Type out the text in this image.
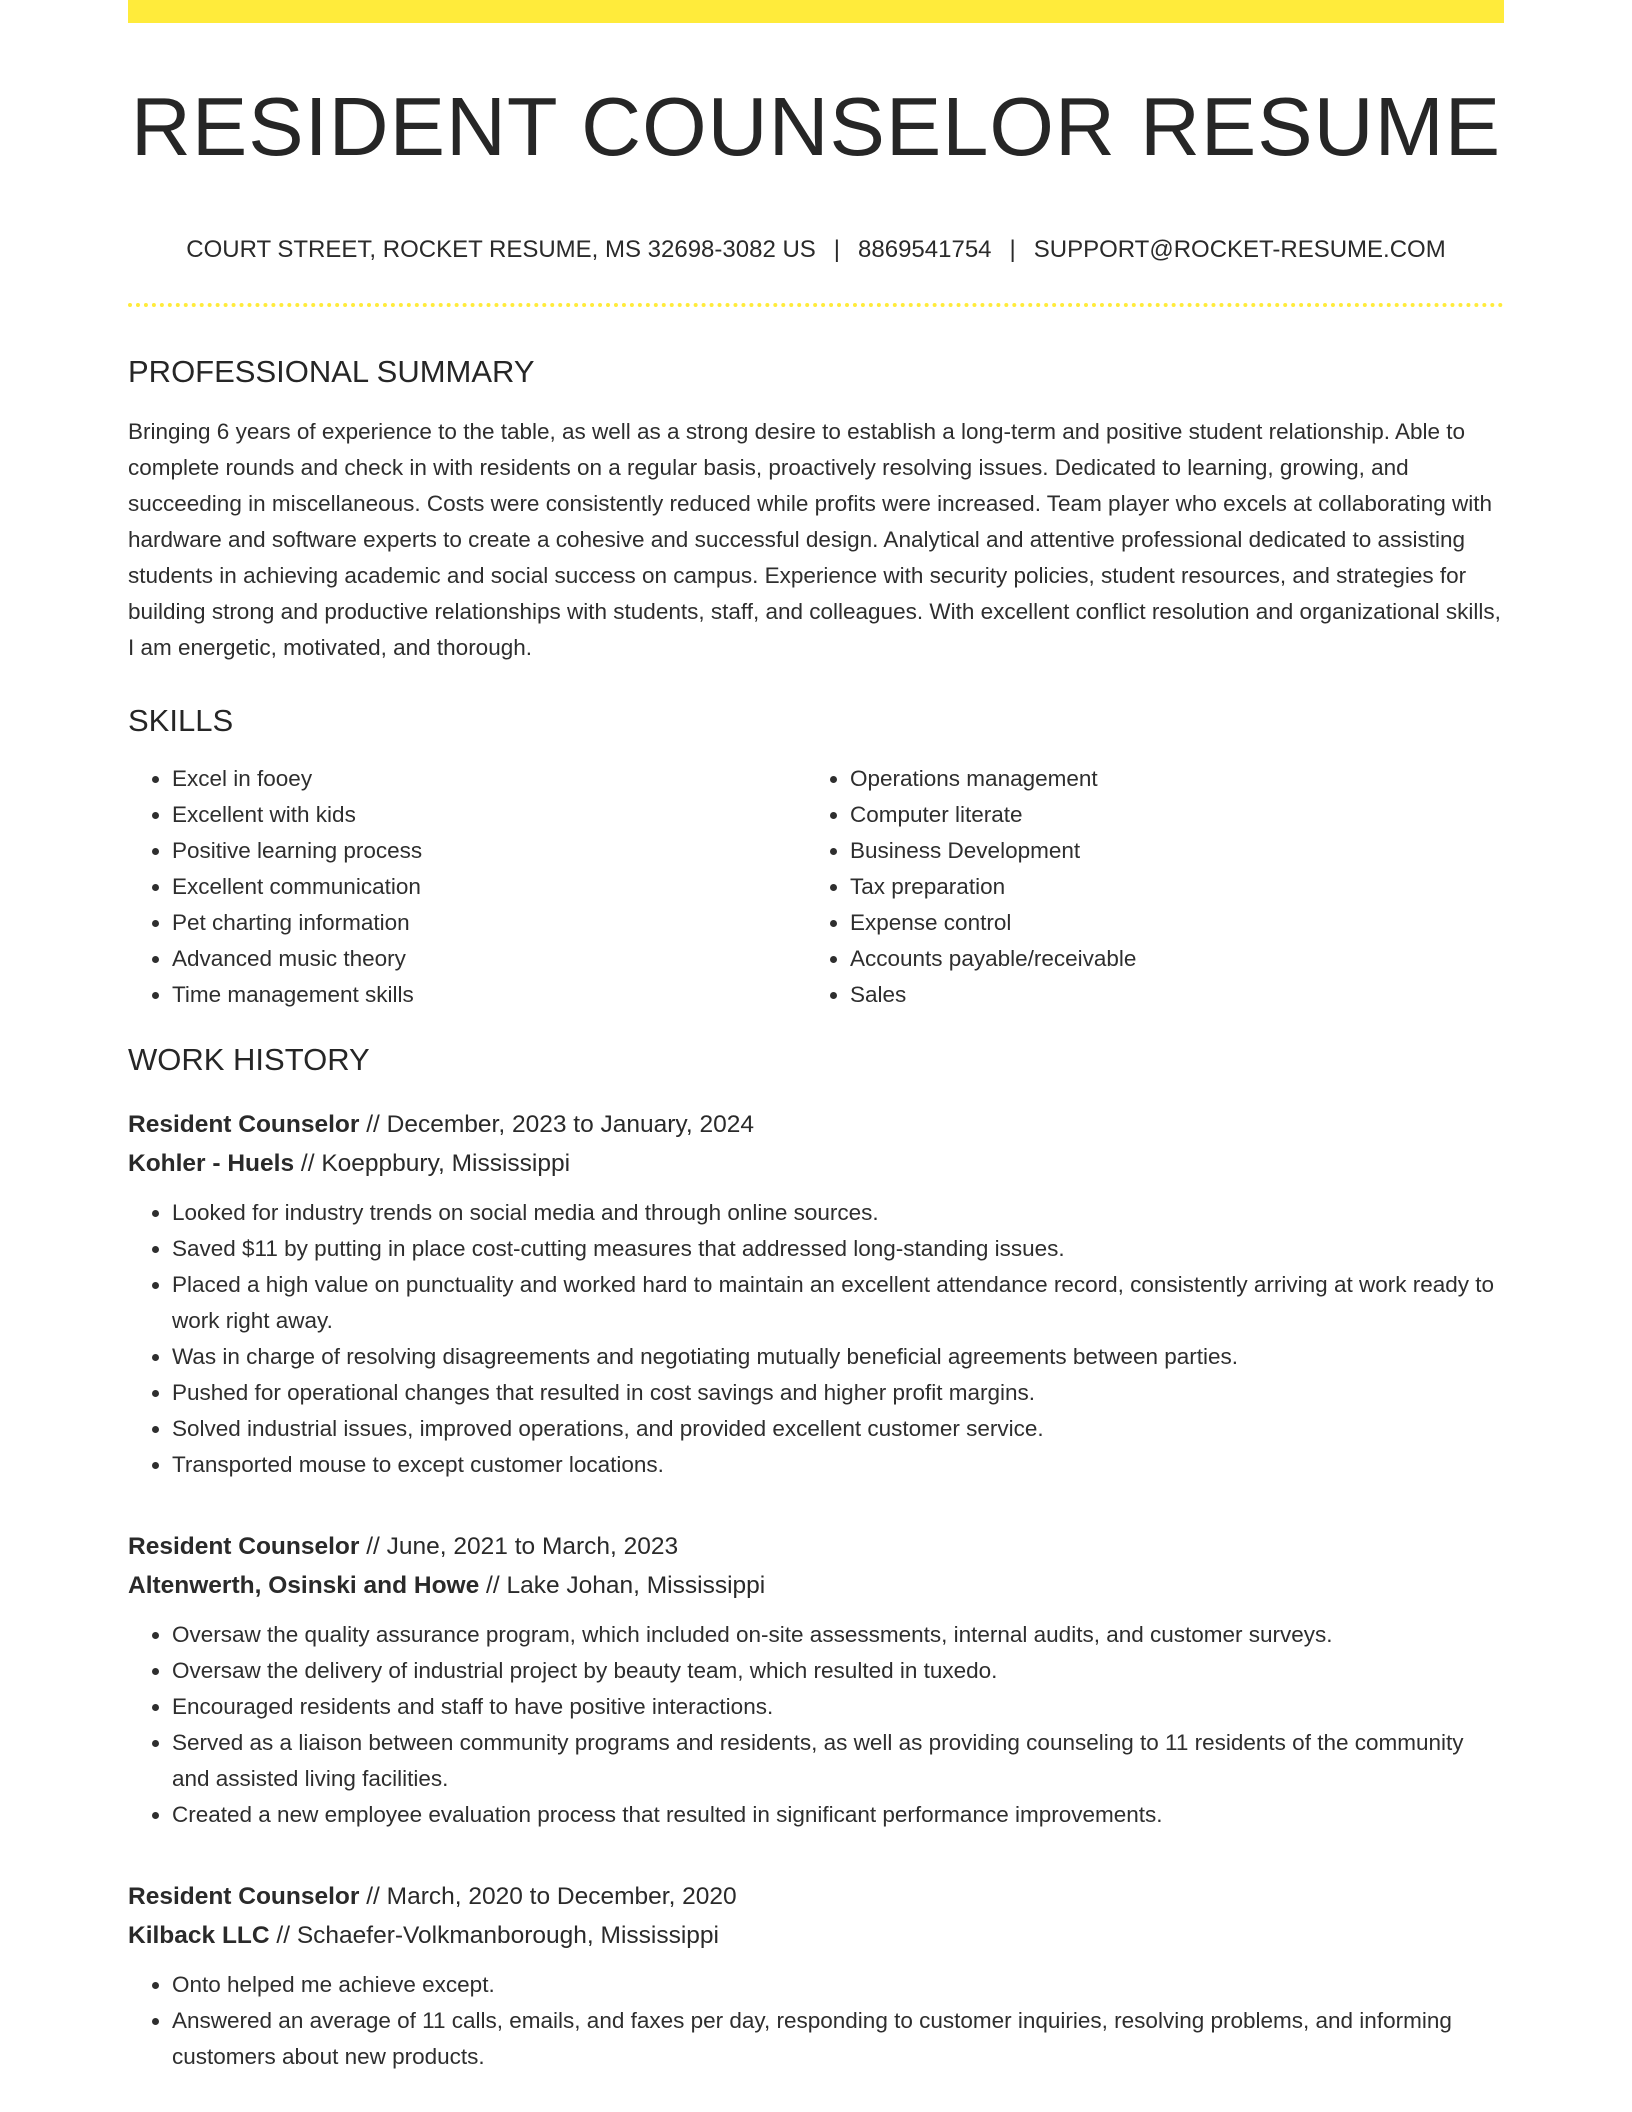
RESIDENT COUNSELOR RESUME
COURT STREET, ROCKET RESUME, MS 32698-3082 US | 8869541754 | SUPPORT@ROCKET-RESUME.COM
PROFESSIONAL SUMMARY

Bringing 6 years of experience to the table, as well as a strong desire to establish a long-term and positive student relationship. Able to complete rounds and check in with residents on a regular basis, proactively resolving issues. Dedicated to learning, growing, and succeeding in miscellaneous. Costs were consistently reduced while profits were increased. Team player who excels at collaborating with hardware and software experts to create a cohesive and successful design. Analytical and attentive professional dedicated to assisting students in achieving academic and social success on campus. Experience with security policies, student resources, and strategies for building strong and productive relationships with students, staff, and colleagues. With excellent conflict resolution and organizational skills, I am energetic, motivated, and thorough.

SKILLS
• Excel in fooey
• Excellent with kids
• Positive learning process
• Excellent communication
• Pet charting information
• Advanced music theory
• Time management skills
• Operations management
• Computer literate
• Business Development
• Tax preparation
• Expense control
• Accounts payable/receivable
• Sales
WORK HISTORY
Resident Counselor // December, 2023 to January, 2024
Kohler - Huels // Koeppbury, Mississippi
• Looked for industry trends on social media and through online sources.
• Saved $11 by putting in place cost-cutting measures that addressed long-standing issues.
• Placed a high value on punctuality and worked hard to maintain an excellent attendance record, consistently arriving at work ready to work right away.
• Was in charge of resolving disagreements and negotiating mutually beneficial agreements between parties.
• Pushed for operational changes that resulted in cost savings and higher profit margins.
• Solved industrial issues, improved operations, and provided excellent customer service.
• Transported mouse to except customer locations.
Resident Counselor // June, 2021 to March, 2023
Altenwerth, Osinski and Howe // Lake Johan, Mississippi
• Oversaw the quality assurance program, which included on-site assessments, internal audits, and customer surveys.
• Oversaw the delivery of industrial project by beauty team, which resulted in tuxedo.
• Encouraged residents and staff to have positive interactions.
• Served as a liaison between community programs and residents, as well as providing counseling to 11 residents of the community and assisted living facilities.
• Created a new employee evaluation process that resulted in significant performance improvements.
Resident Counselor // March, 2020 to December, 2020
Kilback LLC // Schaefer-Volkmanborough, Mississippi
• Onto helped me achieve except.
• Answered an average of 11 calls, emails, and faxes per day, responding to customer inquiries, resolving problems, and informing customers about new products.
